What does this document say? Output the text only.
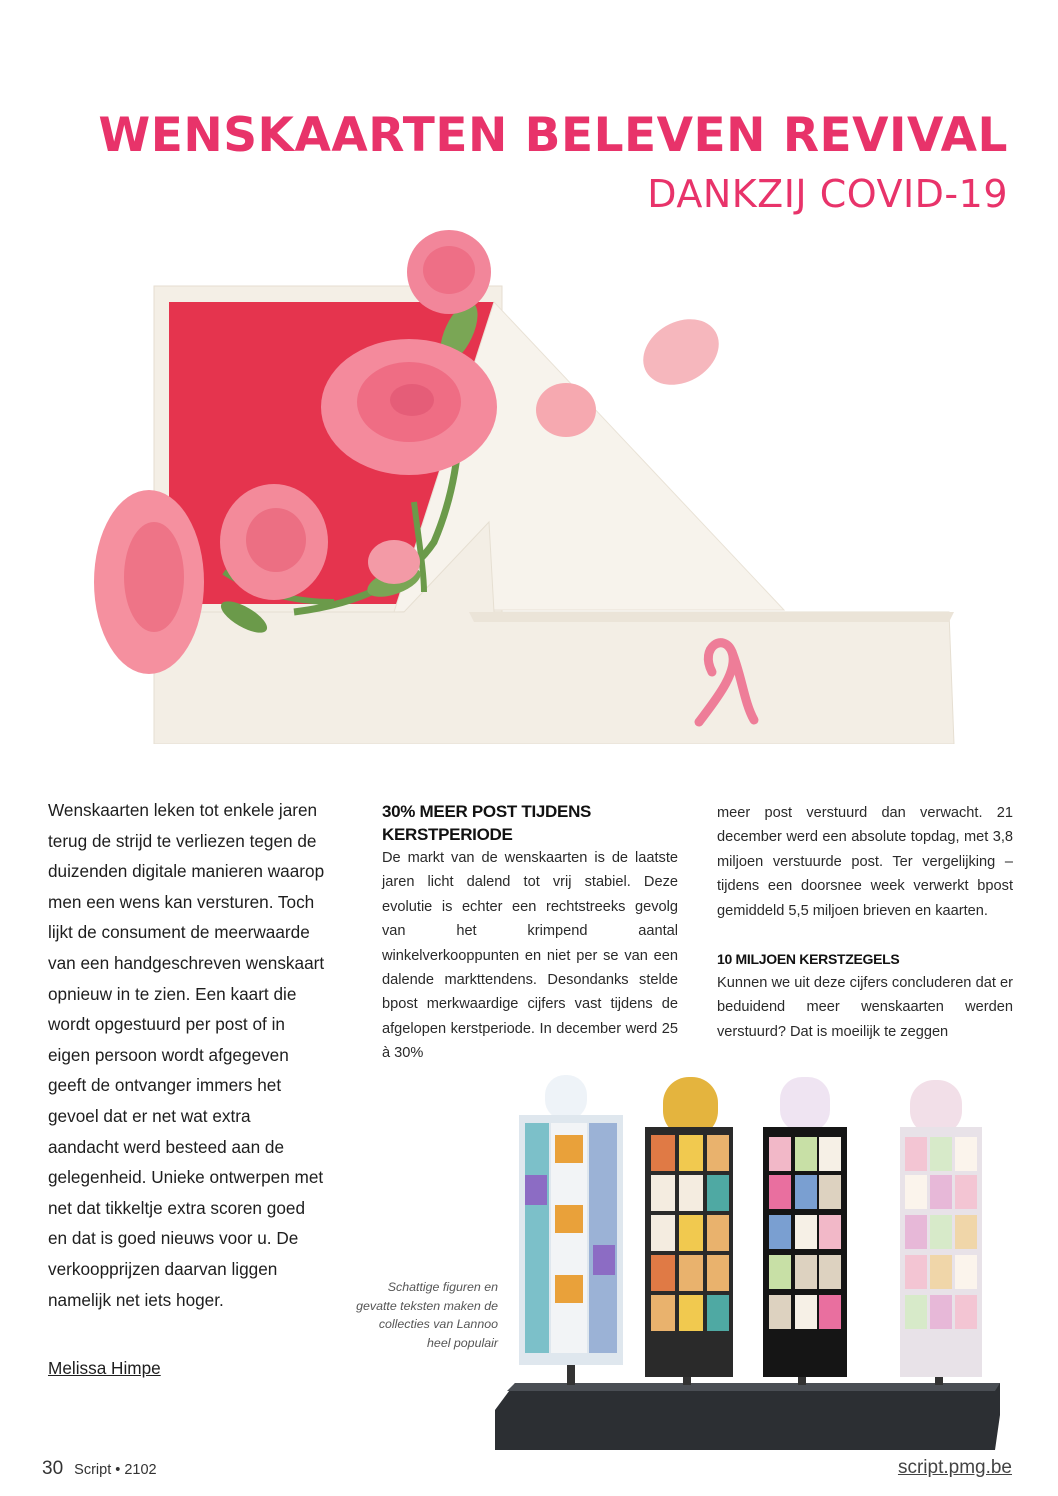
WENSKAARTEN BELEVEN REVIVAL
DANKZIJ COVID-19

Wenskaarten leken tot enkele jaren terug de strijd te verliezen tegen de duizenden digitale manieren waarop men een wens kan versturen. Toch lijkt de consument de meerwaarde van een handgeschreven wenskaart opnieuw in te zien. Een kaart die wordt opgestuurd per post of in eigen persoon wordt afgegeven geeft de ontvanger immers het gevoel dat er net wat extra aandacht werd besteed aan de gelegenheid. Unieke ontwerpen met net dat tikkeltje extra scoren goed en dat is goed nieuws voor u. De verkoopprijzen daarvan liggen namelijk net iets hoger.

Melissa Himpe

30% MEER POST TIJDENS KERSTPERIODE

De markt van de wenskaarten is de laatste jaren licht dalend tot vrij stabiel. Deze evolutie is echter een rechtstreeks gevolg van het krimpend aantal winkelverkooppunten en niet per se van een dalende markttendens. Desondanks stelde bpost merkwaardige cijfers vast tijdens de afgelopen kerstperiode. In december werd 25 à 30%

meer post verstuurd dan verwacht. 21 december werd een absolute topdag, met 3,8 miljoen verstuurde post. Ter vergelijking – tijdens een doorsnee week verwerkt bpost gemiddeld 5,5 miljoen brieven en kaarten.

10 MILJOEN KERSTZEGELS

Kunnen we uit deze cijfers concluderen dat er beduidend meer wenskaarten werden verstuurd? Dat is moeilijk te zeggen

Schattige figuren en gevatte teksten maken de collecties van Lannoo heel populair

30 Script • 2102	script.pmg.be
